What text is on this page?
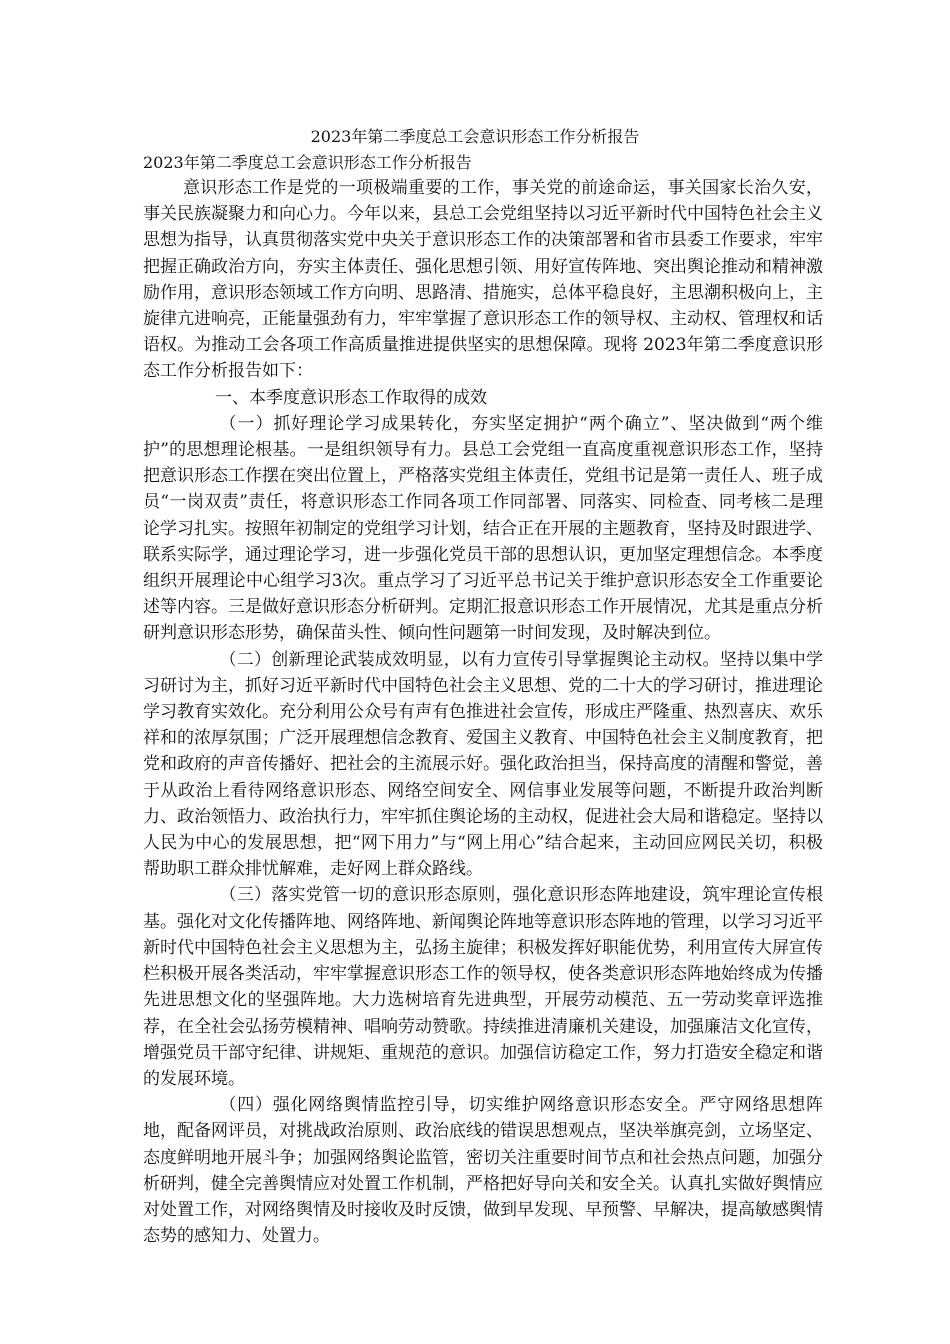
2023年第二季度总工会意识形态工作分析报告

2023年第二季度总工会意识形态工作分析报告

意识形态工作是党的一项极端重要的工作，事关党的前途命运，事关国家长治久安，事关民族凝聚力和向心力。今年以来，县总工会党组坚持以习近平新时代中国特色社会主义思想为指导，认真贯彻落实党中央关于意识形态工作的决策部署和省市县委工作要求，牢牢把握正确政治方向，夯实主体责任、强化思想引领、用好宣传阵地、突出舆论推动和精神激励作用，意识形态领域工作方向明、思路清、措施实，总体平稳良好，主思潮积极向上，主旋律亢进响亮，正能量强劲有力，牢牢掌握了意识形态工作的领导权、主动权、管理权和话语权。为推动工会各项工作高质量推进提供坚实的思想保障。现将 2023年第二季度意识形态工作分析报告如下：

一、本季度意识形态工作取得的成效

（一）抓好理论学习成果转化，夯实坚定拥护“两个确立”、坚决做到“两个维护”的思想理论根基。一是组织领导有力。县总工会党组一直高度重视意识形态工作，坚持把意识形态工作摆在突出位置上，严格落实党组主体责任，党组书记是第一责任人、班子成员“一岗双责”责任，将意识形态工作同各项工作同部署、同落实、同检查、同考核二是理论学习扎实。按照年初制定的党组学习计划，结合正在开展的主题教育，坚持及时跟进学、联系实际学，通过理论学习，进一步强化党员干部的思想认识，更加坚定理想信念。本季度组织开展理论中心组学习3次。重点学习了习近平总书记关于维护意识形态安全工作重要论述等内容。三是做好意识形态分析研判。定期汇报意识形态工作开展情况，尤其是重点分析研判意识形态形势，确保苗头性、倾向性问题第一时间发现，及时解决到位。

（二）创新理论武装成效明显，以有力宣传引导掌握舆论主动权。坚持以集中学习研讨为主，抓好习近平新时代中国特色社会主义思想、党的二十大的学习研讨，推进理论学习教育实效化。充分利用公众号有声有色推进社会宣传，形成庄严隆重、热烈喜庆、欢乐祥和的浓厚氛围；广泛开展理想信念教育、爱国主义教育、中国特色社会主义制度教育，把党和政府的声音传播好、把社会的主流展示好。强化政治担当，保持高度的清醒和警觉，善于从政治上看待网络意识形态、网络空间安全、网信事业发展等问题，不断提升政治判断力、政治领悟力、政治执行力，牢牢抓住舆论场的主动权，促进社会大局和谐稳定。坚持以人民为中心的发展思想，把“网下用力”与“网上用心”结合起来，主动回应网民关切，积极帮助职工群众排忧解难，走好网上群众路线。

（三）落实党管一切的意识形态原则，强化意识形态阵地建设，筑牢理论宣传根基。强化对文化传播阵地、网络阵地、新闻舆论阵地等意识形态阵地的管理，以学习习近平新时代中国特色社会主义思想为主，弘扬主旋律；积极发挥好职能优势，利用宣传大屏宣传栏积极开展各类活动，牢牢掌握意识形态工作的领导权，使各类意识形态阵地始终成为传播先进思想文化的坚强阵地。大力选树培育先进典型，开展劳动模范、五一劳动奖章评选推荐，在全社会弘扬劳模精神、唱响劳动赞歌。持续推进清廉机关建设，加强廉洁文化宣传，增强党员干部守纪律、讲规矩、重规范的意识。加强信访稳定工作，努力打造安全稳定和谐的发展环境。

（四）强化网络舆情监控引导，切实维护网络意识形态安全。严守网络思想阵地，配备网评员，对挑战政治原则、政治底线的错误思想观点，坚决举旗亮剑，立场坚定、态度鲜明地开展斗争；加强网络舆论监管，密切关注重要时间节点和社会热点问题，加强分析研判，健全完善舆情应对处置工作机制，严格把好导向关和安全关。认真扎实做好舆情应对处置工作，对网络舆情及时接收及时反馈，做到早发现、早预警、早解决，提高敏感舆情态势的感知力、处置力。
